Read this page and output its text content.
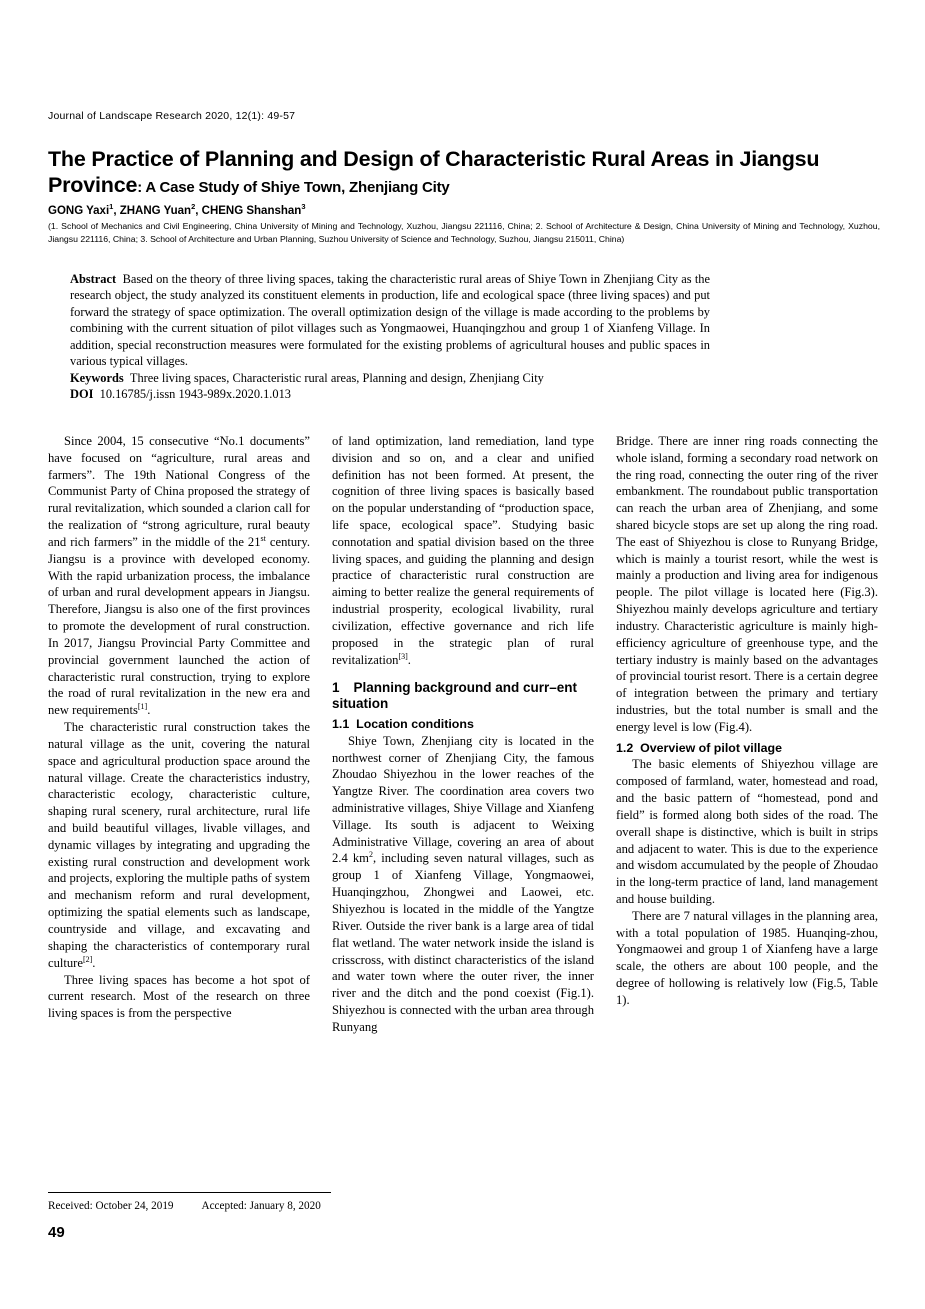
Journal of Landscape Research 2020, 12(1): 49-57
The Practice of Planning and Design of Characteristic Rural Areas in Jiangsu Province: A Case Study of Shiye Town, Zhenjiang City
GONG Yaxi$^1$, ZHANG Yuan$^2$, CHENG Shanshan$^3$
(1. School of Mechanics and Civil Engineering, China University of Mining and Technology, Xuzhou, Jiangsu 221116, China; 2. School of Architecture & Design, China University of Mining and Technology, Xuzhou, Jiangsu 221116, China; 3. School of Architecture and Urban Planning, Suzhou University of Science and Technology, Suzhou, Jiangsu 215011, China)

Abstract Based on the theory of three living spaces, taking the characteristic rural areas of Shiye Town in Zhenjiang City as the research object, the study analyzed its constituent elements in production, life and ecological space (three living spaces) and put forward the strategy of space optimization. The overall optimization design of the village is made according to the problems by combining with the current situation of pilot villages such as Yongmaowei, Huanqingzhou and group 1 of Xianfeng Village. In addition, special reconstruction measures were formulated for the existing problems of agricultural houses and public spaces in various typical villages.

Keywords Three living spaces, Characteristic rural areas, Planning and design, Zhenjiang City

DOI 10.16785/j.issn 1943-989x.2020.1.013

Since 2004, 15 consecutive “No.1 documents” have focused on “agriculture, rural areas and farmers”. The 19th National Congress of the Communist Party of China proposed the strategy of rural revitalization, which sounded a clarion call for the realization of “strong agriculture, rural beauty and rich farmers” in the middle of the 21st century. Jiangsu is a province with developed economy. With the rapid urbanization process, the imbalance of urban and rural development appears in Jiangsu. Therefore, Jiangsu is also one of the first provinces to promote the development of rural construction. In 2017, Jiangsu Provincial Party Committee and provincial government launched the action of characteristic rural construction, trying to explore the road of rural revitalization in the new era and new requirements[1].

The characteristic rural construction takes the natural village as the unit, covering the natural space and agricultural production space around the natural village. Create the characteristics industry, characteristic ecology, characteristic culture, shaping rural scenery, rural architecture, rural life and build beautiful villages, livable villages, and dynamic villages by integrating and upgrading the existing rural construction and development work and projects, exploring the multiple paths of system and mechanism reform and rural development, optimizing the spatial elements such as landscape, countryside and village, and excavating and shaping the characteristics of contemporary rural culture[2].

Three living spaces has become a hot spot of current research. Most of the research on three living spaces is from the perspective

of land optimization, land remediation, land type division and so on, and a clear and unified definition has not been formed. At present, the cognition of three living spaces is basically based on the popular understanding of “production space, life space, ecological space”. Studying basic connotation and spatial division based on the three living spaces, and guiding the planning and design practice of characteristic rural construction are aiming to better realize the general requirements of industrial prosperity, ecological livability, rural civilization, effective governance and rich life proposed in the strategic plan of rural revitalization[3].

1 Planning background and curr–ent situation
1.1 Location conditions

Shiye Town, Zhenjiang city is located in the northwest corner of Zhenjiang City, the famous Zhoudao Shiyezhou in the lower reaches of the Yangtze River. The coordination area covers two administrative villages, Shiye Village and Xianfeng Village. Its south is adjacent to Weixing Administrative Village, covering an area of about 2.4 $km^2$, including seven natural villages, such as group 1 of Xianfeng Village, Yongmaowei, Huanqingzhou, Zhongwei and Laowei, etc. Shiyezhou is located in the middle of the Yangtze River. Outside the river bank is a large area of tidal flat wetland. The water network inside the island is crisscross, with distinct characteristics of the island and water town where the outer river, the inner river and the ditch and the pond coexist (Fig.1). Shiyezhou is connected with the urban area through Runyang

Bridge. There are inner ring roads connecting the whole island, forming a secondary road network on the ring road, connecting the outer ring of the river embankment. The roundabout public transportation can reach the urban area of Zhenjiang, and some shared bicycle stops are set up along the ring road. The east of Shiyezhou is close to Runyang Bridge, which is mainly a tourist resort, while the west is mainly a production and living area for indigenous people. The pilot village is located here (Fig.3). Shiyezhou mainly develops agriculture and tertiary industry. Characteristic agriculture is mainly high-efficiency agriculture of greenhouse type, and the tertiary industry is mainly based on the advantages of provincial tourist resort. There is a certain degree of integration between the primary and tertiary industries, but the total number is small and the energy level is low (Fig.4).

1.2 Overview of pilot village

The basic elements of Shiyezhou village are composed of farmland, water, homestead and road, and the basic pattern of “homestead, pond and field” is formed along both sides of the road. The overall shape is distinctive, which is built in strips and adjacent to water. This is due to the experience and wisdom accumulated by the people of Zhoudao in the long-term practice of land, land management and house building.

There are 7 natural villages in the planning area, with a total population of 1985. Huanqing-zhou, Yongmaowei and group 1 of Xianfeng have a large scale, the others are about 100 people, and the degree of hollowing is relatively low (Fig.5, Table 1).

Received: October 24, 2019	Accepted: January 8, 2020
49
